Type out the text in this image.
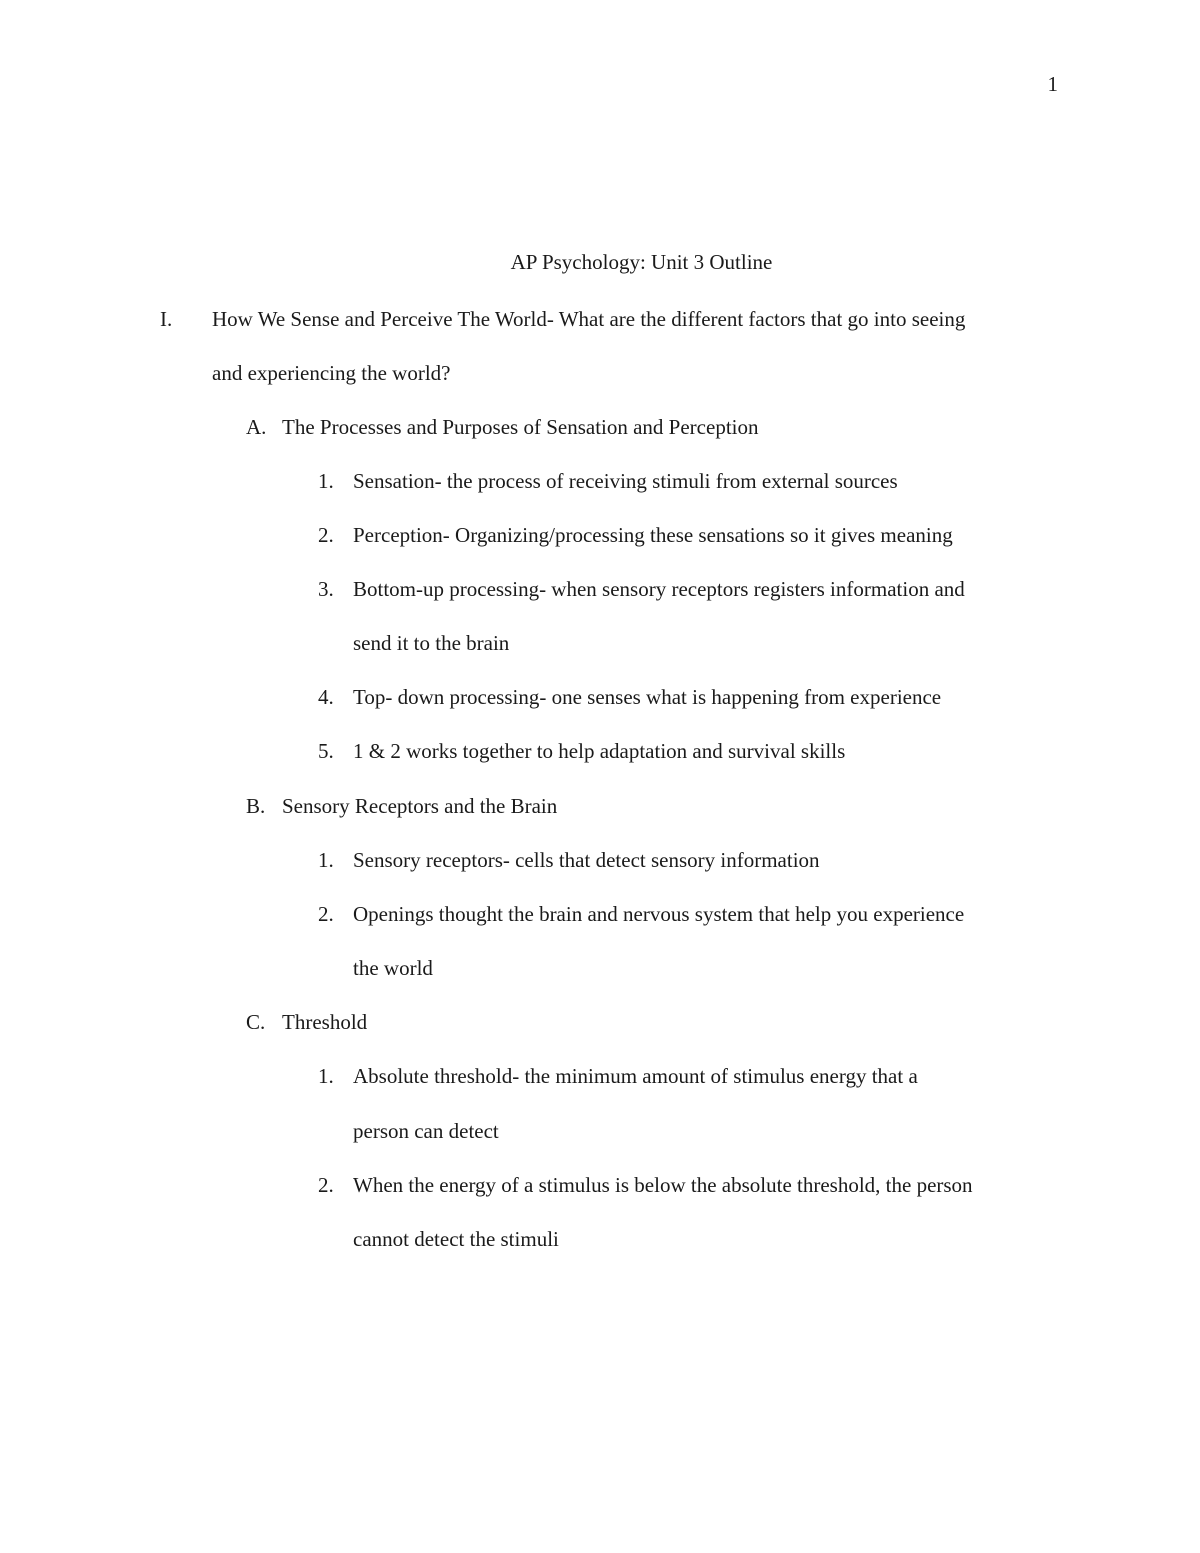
1
AP Psychology: Unit 3 Outline
I. How We Sense and Perceive The World- What are the different factors that go into seeing
and experiencing the world?
A. The Processes and Purposes of Sensation and Perception
1. Sensation- the process of receiving stimuli from external sources
2. Perception- Organizing/processing these sensations so it gives meaning
3. Bottom-up processing- when sensory receptors registers information and
send it to the brain
4. Top- down processing- one senses what is happening from experience
5. 1 & 2 works together to help adaptation and survival skills
B. Sensory Receptors and the Brain
1. Sensory receptors- cells that detect sensory information
2. Openings thought the brain and nervous system that help you experience
the world
C. Threshold
1. Absolute threshold- the minimum amount of stimulus energy that a
person can detect
2. When the energy of a stimulus is below the absolute threshold, the person
cannot detect the stimuli
